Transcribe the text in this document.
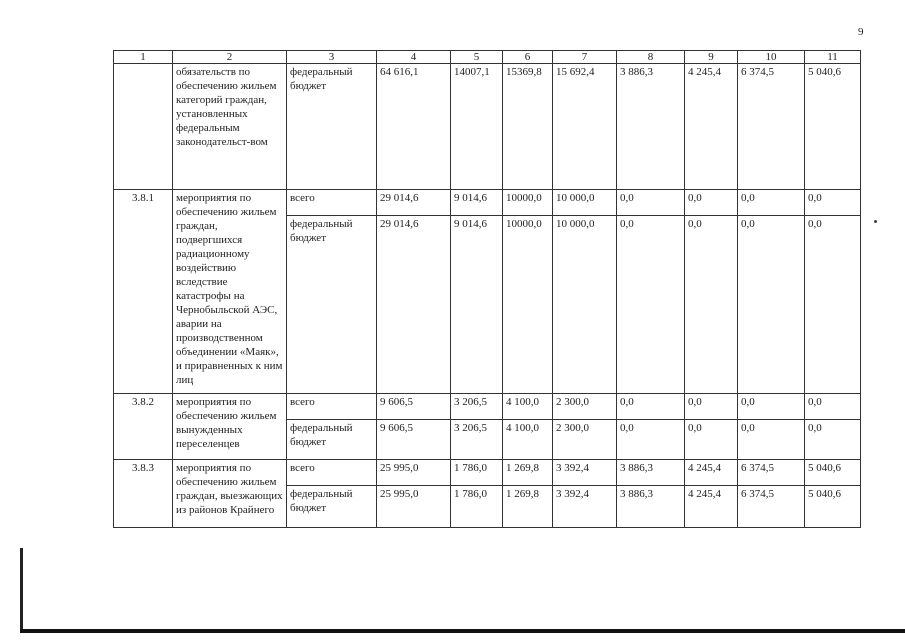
9
1	2	3	4	5	6	7	8	9	10	11
	обязательств по обеспечению жильем категорий граждан, установленных федеральным законодательст-вом	федеральный бюджет	64 616,1	14007,1	15369,8	15 692,4	3 886,3	4 245,4	6 374,5	5 040,6
3.8.1	мероприятия по обеспечению жильем граждан, подвергшихся радиационному воздействию вследствие катастрофы на Чернобыльской АЭС, аварии на производственном объединении «Маяк», и приравненных к ним лиц	всего	29 014,6	9 014,6	10000,0	10 000,0	0,0	0,0	0,0	0,0
		федеральный бюджет	29 014,6	9 014,6	10000,0	10 000,0	0,0	0,0	0,0	0,0
3.8.2	мероприятия по обеспечению жильем вынужденных переселенцев	всего	9 606,5	3 206,5	4 100,0	2 300,0	0,0	0,0	0,0	0,0
		федеральный бюджет	9 606,5	3 206,5	4 100,0	2 300,0	0,0	0,0	0,0	0,0
3.8.3	мероприятия по обеспечению жильем граждан, выезжающих из районов Крайнего	всего	25 995,0	1 786,0	1 269,8	3 392,4	3 886,3	4 245,4	6 374,5	5 040,6
		федеральный бюджет	25 995,0	1 786,0	1 269,8	3 392,4	3 886,3	4 245,4	6 374,5	5 040,6
